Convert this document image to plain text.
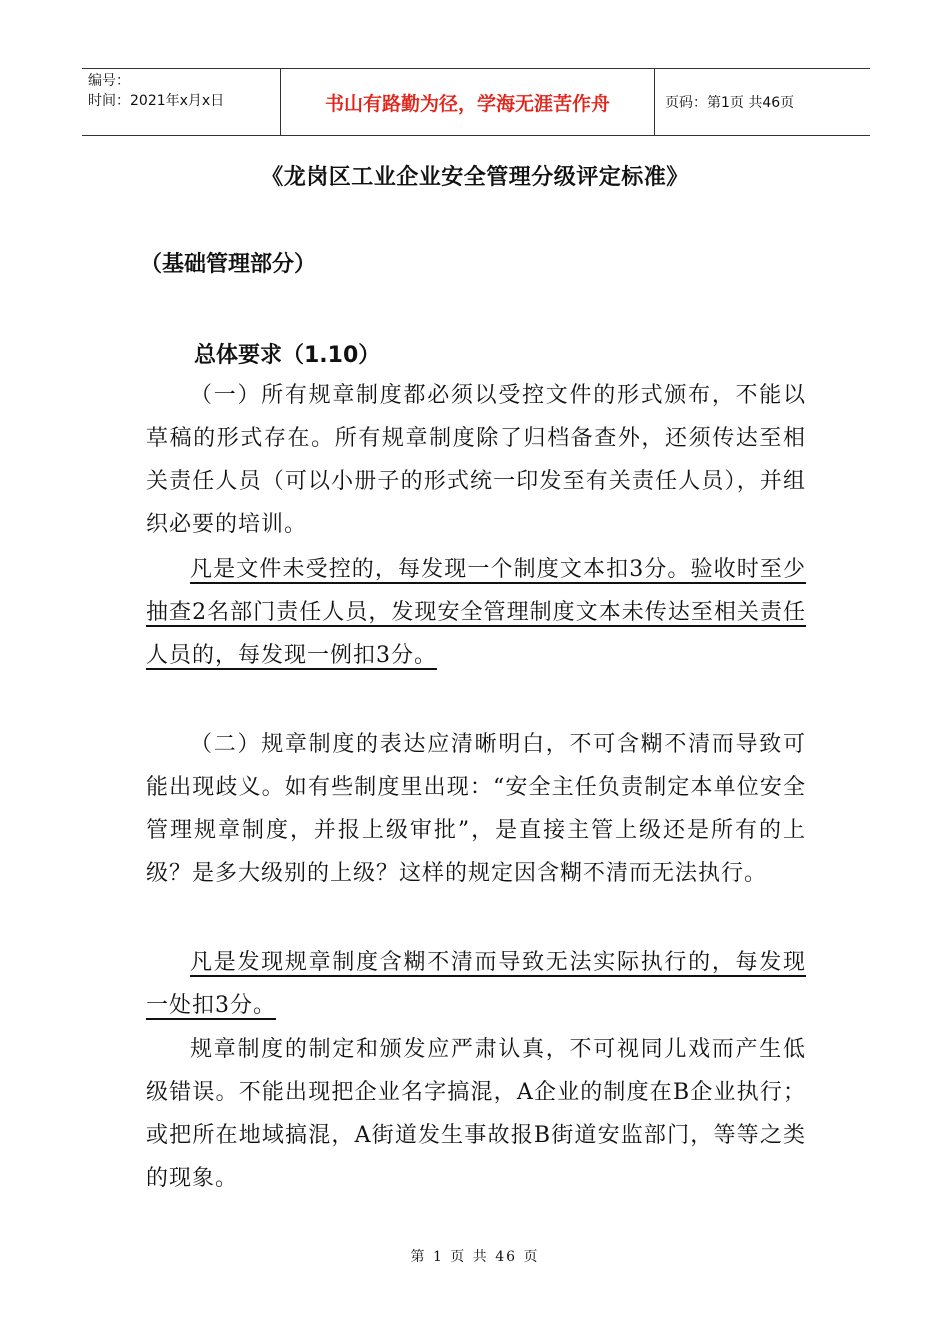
编号：
时间：2021年x月x日	书山有路勤为径，学海无涯苦作舟	页码：第1页 共46页
《龙岗区工业企业安全管理分级评定标准》
（基础管理部分）
总体要求（1.10）
（一）所有规章制度都必须以受控文件的形式颁布，不能以草稿的形式存在。所有规章制度除了归档备查外，还须传达至相关责任人员（可以小册子的形式统一印发至有关责任人员），并组织必要的培训。
凡是文件未受控的，每发现一个制度文本扣3分。验收时至少抽查2名部门责任人员，发现安全管理制度文本未传达至相关责任人员的，每发现一例扣3分。
（二）规章制度的表达应清晰明白，不可含糊不清而导致可能出现歧义。如有些制度里出现：“安全主任负责制定本单位安全管理规章制度，并报上级审批”，是直接主管上级还是所有的上级？是多大级别的上级？这样的规定因含糊不清而无法执行。
凡是发现规章制度含糊不清而导致无法实际执行的，每发现一处扣3分。
规章制度的制定和颁发应严肃认真，不可视同儿戏而产生低级错误。不能出现把企业名字搞混，A企业的制度在B企业执行；或把所在地域搞混，A街道发生事故报B街道安监部门，等等之类的现象。
第 1 页 共 46 页
